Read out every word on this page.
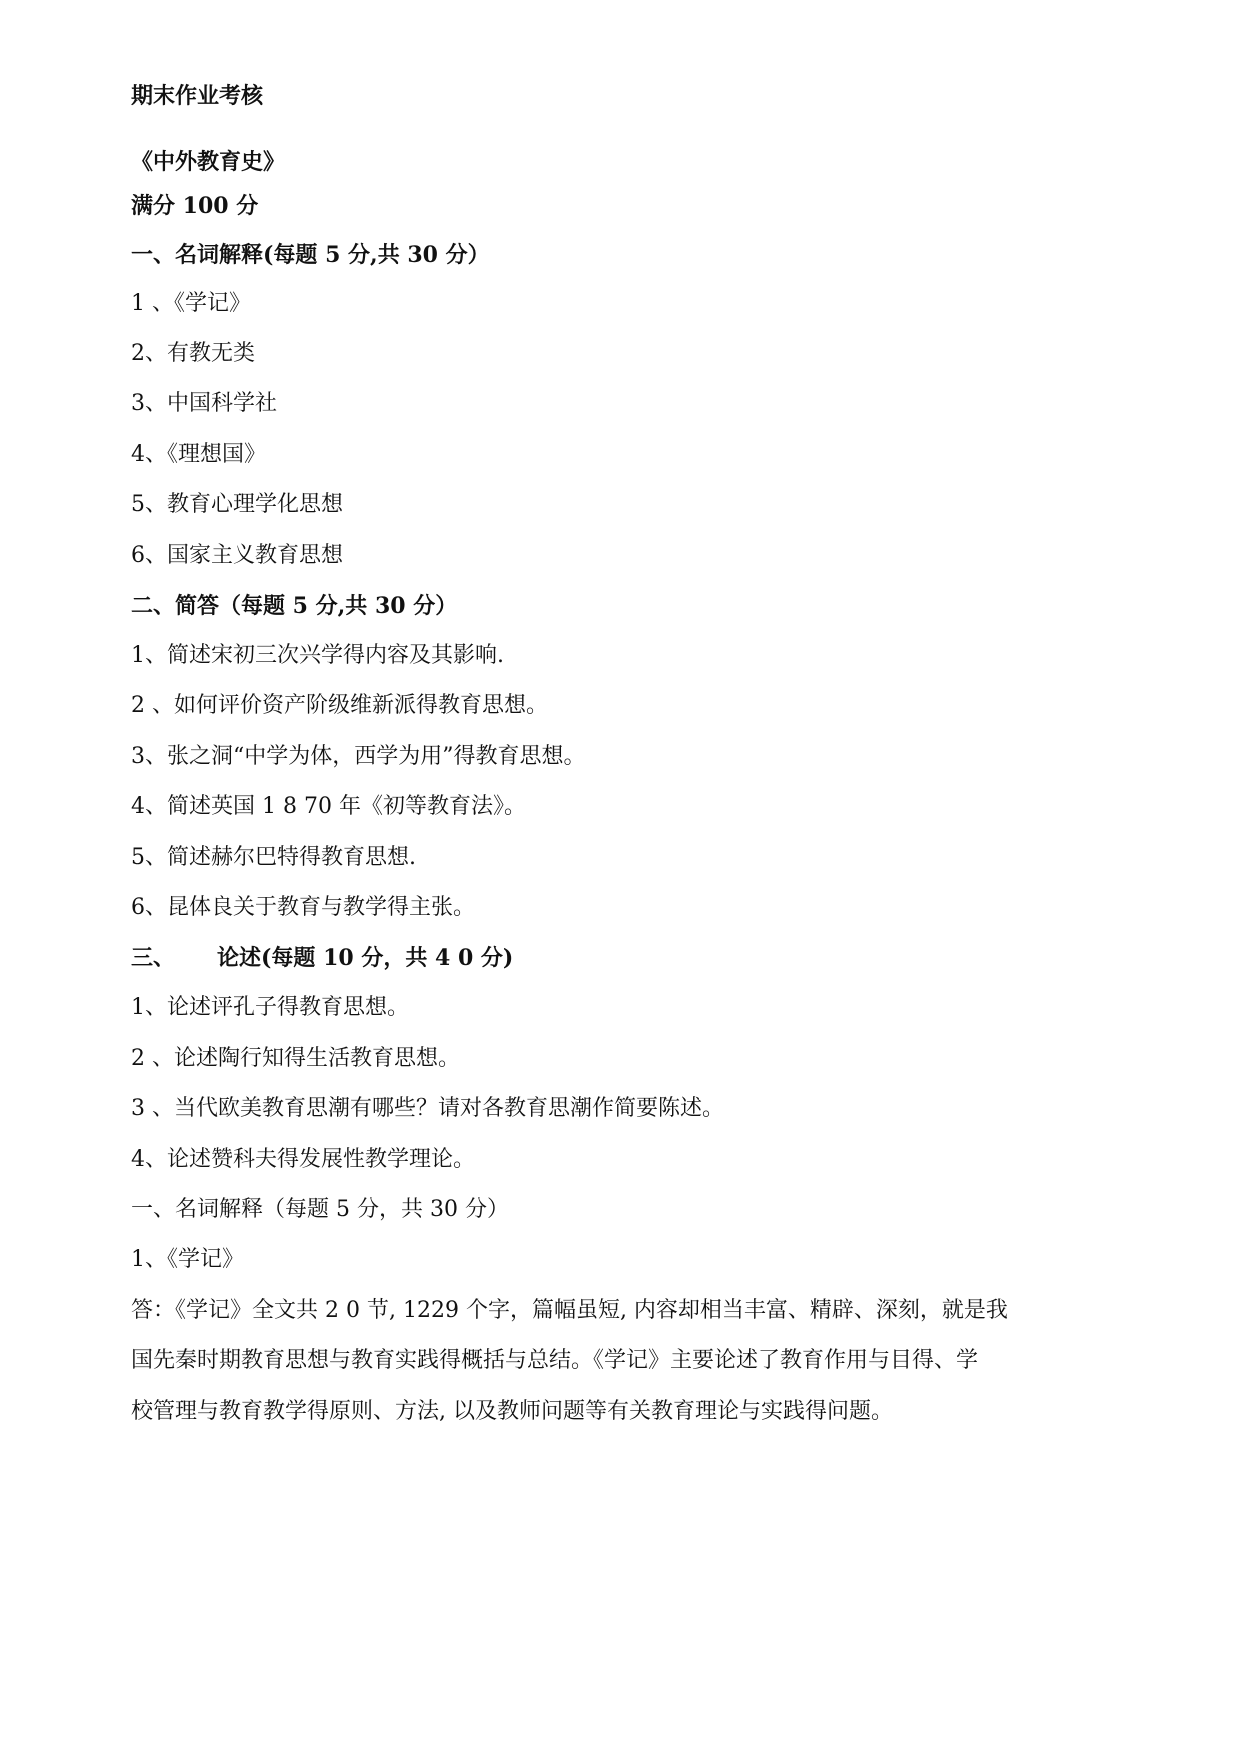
期末作业考核
《中外教育史》
满分 100 分
一、名词解释(每题 5 分,共 30 分）
1 、《学记》
2、有教无类
3、中国科学社
4、《理想国》
5、教育心理学化思想
6、国家主义教育思想
二、简答（每题 5 分,共 30 分）
1、简述宋初三次兴学得内容及其影响.
2 、如何评价资产阶级维新派得教育思想。
3、张之洞“中学为体，西学为用”得教育思想。
4、简述英国 1 8 70 年《初等教育法》。
5、简述赫尔巴特得教育思想.
6、昆体良关于教育与教学得主张。
三、 论述(每题 10 分，共 4 0 分)
1、论述评孔子得教育思想。
2 、论述陶行知得生活教育思想。
3 、当代欧美教育思潮有哪些？请对各教育思潮作简要陈述。
4、论述赞科夫得发展性教学理论。
一、名词解释（每题 5 分，共 30 分）
1、《学记》
答：《学记》全文共 2 0 节, 1229 个字，篇幅虽短, 内容却相当丰富、精辟、深刻，就是我
国先秦时期教育思想与教育实践得概括与总结。《学记》主要论述了教育作用与目得、学
校管理与教育教学得原则、方法, 以及教师问题等有关教育理论与实践得问题。
